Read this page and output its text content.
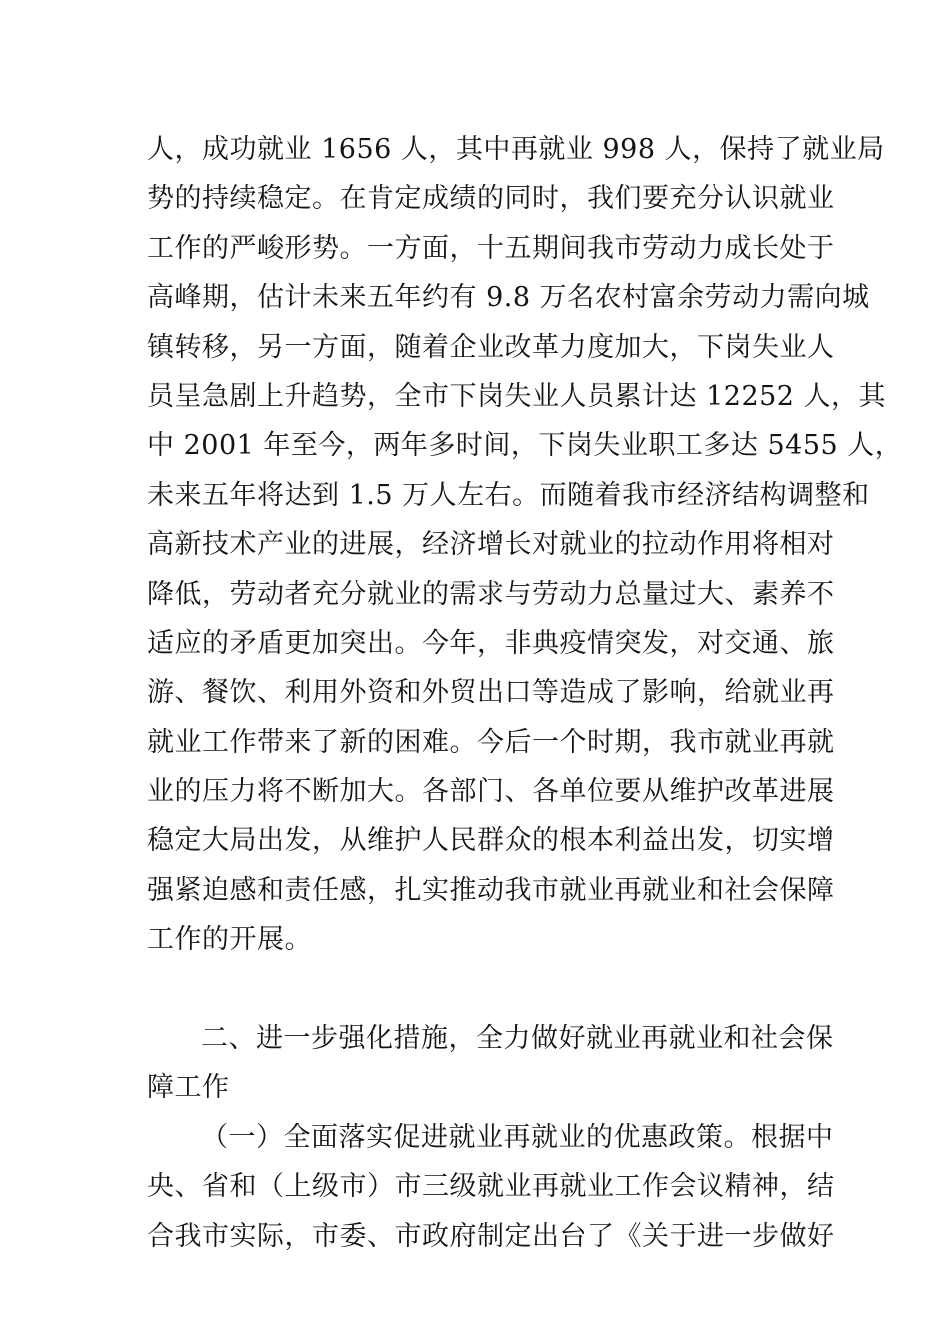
人，成功就业 1656 人，其中再就业 998 人，保持了就业局
势的持续稳定。在肯定成绩的同时，我们要充分认识就业
工作的严峻形势。一方面，十五期间我市劳动力成长处于
高峰期，估计未来五年约有 9.8 万名农村富余劳动力需向城
镇转移，另一方面，随着企业改革力度加大，下岗失业人
员呈急剧上升趋势，全市下岗失业人员累计达 12252 人，其
中 2001 年至今，两年多时间，下岗失业职工多达 5455 人，
未来五年将达到 1.5 万人左右。而随着我市经济结构调整和
高新技术产业的进展，经济增长对就业的拉动作用将相对
降低，劳动者充分就业的需求与劳动力总量过大、素养不
适应的矛盾更加突出。今年，非典疫情突发，对交通、旅
游、餐饮、利用外资和外贸出口等造成了影响，给就业再
就业工作带来了新的困难。今后一个时期，我市就业再就
业的压力将不断加大。各部门、各单位要从维护改革进展
稳定大局出发，从维护人民群众的根本利益出发，切实增
强紧迫感和责任感，扎实推动我市就业再就业和社会保障
工作的开展。
二、进一步强化措施，全力做好就业再就业和社会保
障工作
（一）全面落实促进就业再就业的优惠政策。根据中
央、省和（上级市）市三级就业再就业工作会议精神，结
合我市实际，市委、市政府制定出台了《关于进一步做好
